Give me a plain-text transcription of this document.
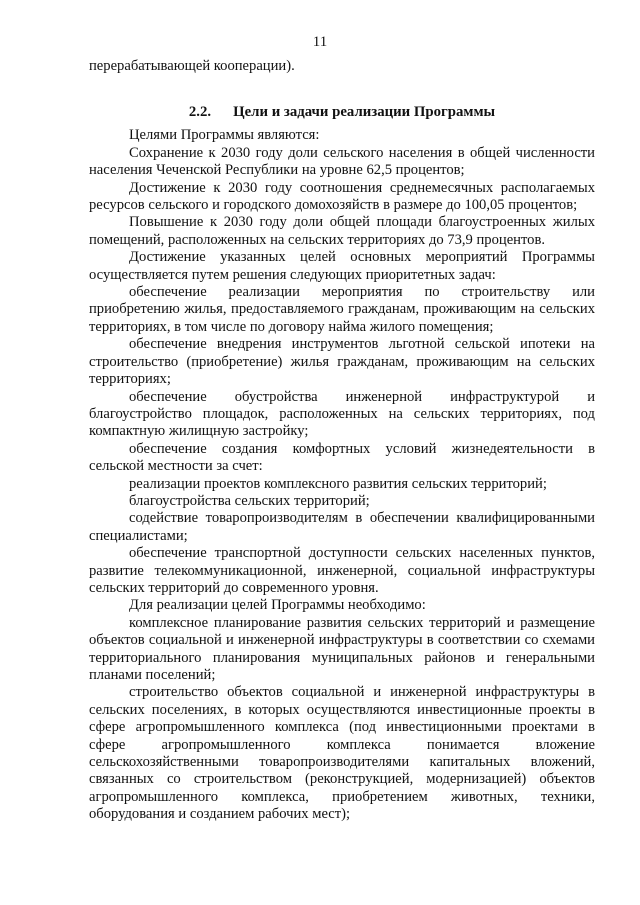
11

перерабатывающей кооперации).

2.2. Цели и задачи реализации Программы

Целями Программы являются:

Сохранение к 2030 году доли сельского населения в общей численности населения Чеченской Республики на уровне 62,5 процентов;

Достижение к 2030 году соотношения среднемесячных располагаемых ресурсов сельского и городского домохозяйств в размере до 100,05 процентов;

Повышение к 2030 году доли общей площади благоустроенных жилых помещений, расположенных на сельских территориях до 73,9 процентов.

Достижение указанных целей основных мероприятий Программы осуществляется путем решения следующих приоритетных задач:

обеспечение реализации мероприятия по строительству или приобретению жилья, предоставляемого гражданам, проживающим на сельских территориях, в том числе по договору найма жилого помещения;

обеспечение внедрения инструментов льготной сельской ипотеки на строительство (приобретение) жилья гражданам, проживающим на сельских территориях;

обеспечение обустройства инженерной инфраструктурой и благоустройство площадок, расположенных на сельских территориях, под компактную жилищную застройку;

обеспечение создания комфортных условий жизнедеятельности в сельской местности за счет:

реализации проектов комплексного развития сельских территорий;

благоустройства сельских территорий;

содействие товаропроизводителям в обеспечении квалифицированными специалистами;

обеспечение транспортной доступности сельских населенных пунктов, развитие телекоммуникационной, инженерной, социальной инфраструктуры сельских территорий до современного уровня.

Для реализации целей Программы необходимо:

комплексное планирование развития сельских территорий и размещение объектов социальной и инженерной инфраструктуры в соответствии со схемами территориального планирования муниципальных районов и генеральными планами поселений;

строительство объектов социальной и инженерной инфраструктуры в сельских поселениях, в которых осуществляются инвестиционные проекты в сфере агропромышленного комплекса (под инвестиционными проектами в сфере агропромышленного комплекса понимается вложение сельскохозяйственными товаропроизводителями капитальных вложений, связанных со строительством (реконструкцией, модернизацией) объектов агропромышленного комплекса, приобретением животных, техники, оборудования и созданием рабочих мест);
